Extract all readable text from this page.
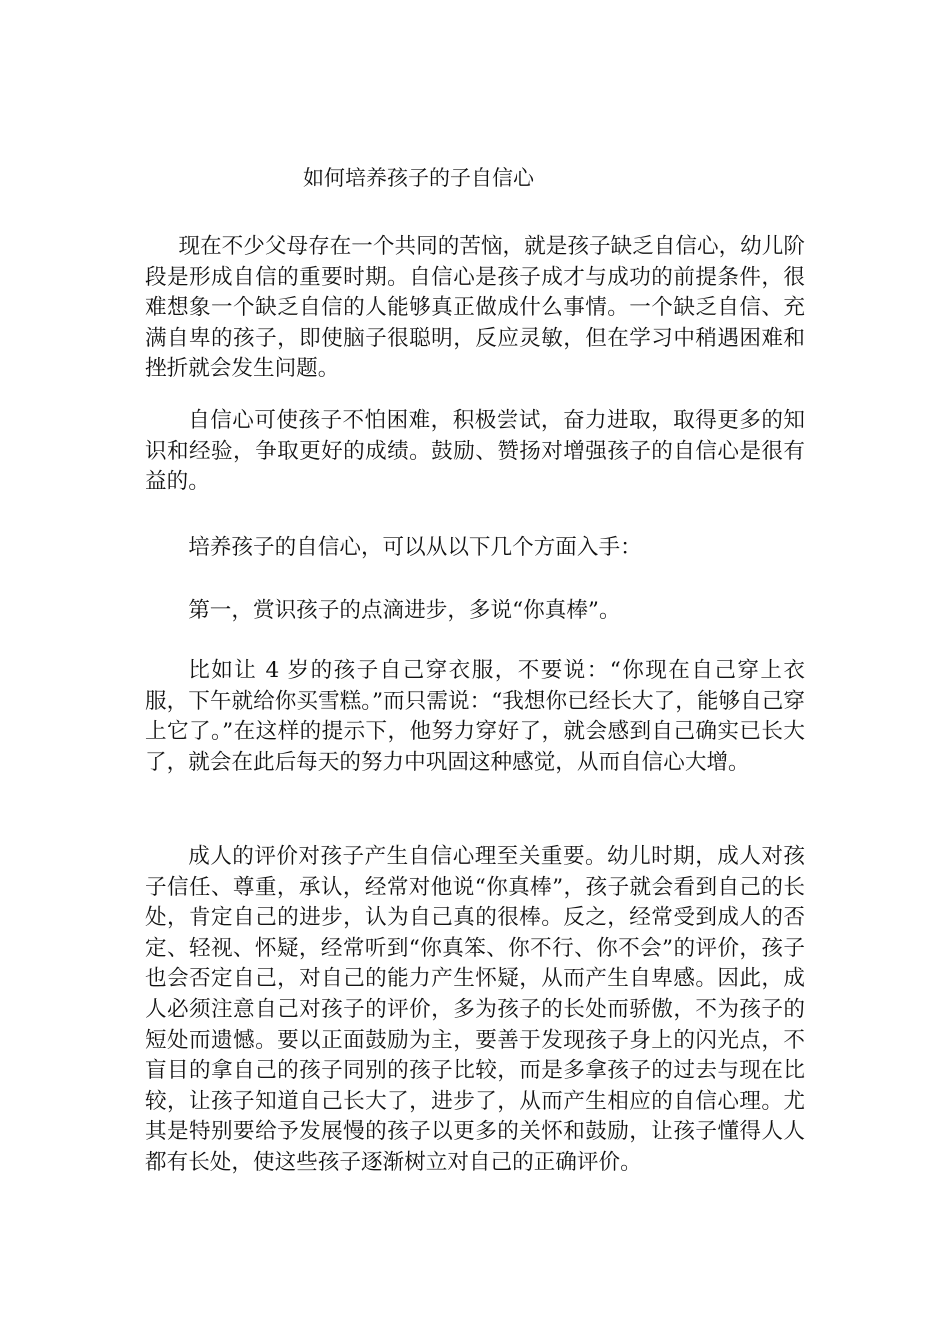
如何培养孩子的子自信心

现在不少父母存在一个共同的苦恼，就是孩子缺乏自信心，幼儿阶段是形成自信的重要时期。自信心是孩子成才与成功的前提条件，很难想象一个缺乏自信的人能够真正做成什么事情。一个缺乏自信、充满自卑的孩子，即使脑子很聪明，反应灵敏，但在学习中稍遇困难和挫折就会发生问题。

自信心可使孩子不怕困难，积极尝试，奋力进取，取得更多的知识和经验，争取更好的成绩。鼓励、赞扬对增强孩子的自信心是很有益的。

培养孩子的自信心，可以从以下几个方面入手：

第一，赏识孩子的点滴进步，多说“你真棒”。

比如让 4 岁的孩子自己穿衣服，不要说：“你现在自己穿上衣服，下午就给你买雪糕。”而只需说：“我想你已经长大了，能够自己穿上它了。”在这样的提示下，他努力穿好了，就会感到自己确实已长大了，就会在此后每天的努力中巩固这种感觉，从而自信心大增。

成人的评价对孩子产生自信心理至关重要。幼儿时期，成人对孩子信任、尊重，承认，经常对他说“你真棒”，孩子就会看到自己的长处，肯定自己的进步，认为自己真的很棒。反之，经常受到成人的否定、轻视、怀疑，经常听到“你真笨、你不行、你不会”的评价，孩子也会否定自己，对自己的能力产生怀疑，从而产生自卑感。因此，成人必须注意自己对孩子的评价，多为孩子的长处而骄傲，不为孩子的短处而遗憾。要以正面鼓励为主，要善于发现孩子身上的闪光点，不盲目的拿自己的孩子同别的孩子比较，而是多拿孩子的过去与现在比较，让孩子知道自己长大了，进步了，从而产生相应的自信心理。尤其是特别要给予发展慢的孩子以更多的关怀和鼓励，让孩子懂得人人都有长处，使这些孩子逐渐树立对自己的正确评价。
